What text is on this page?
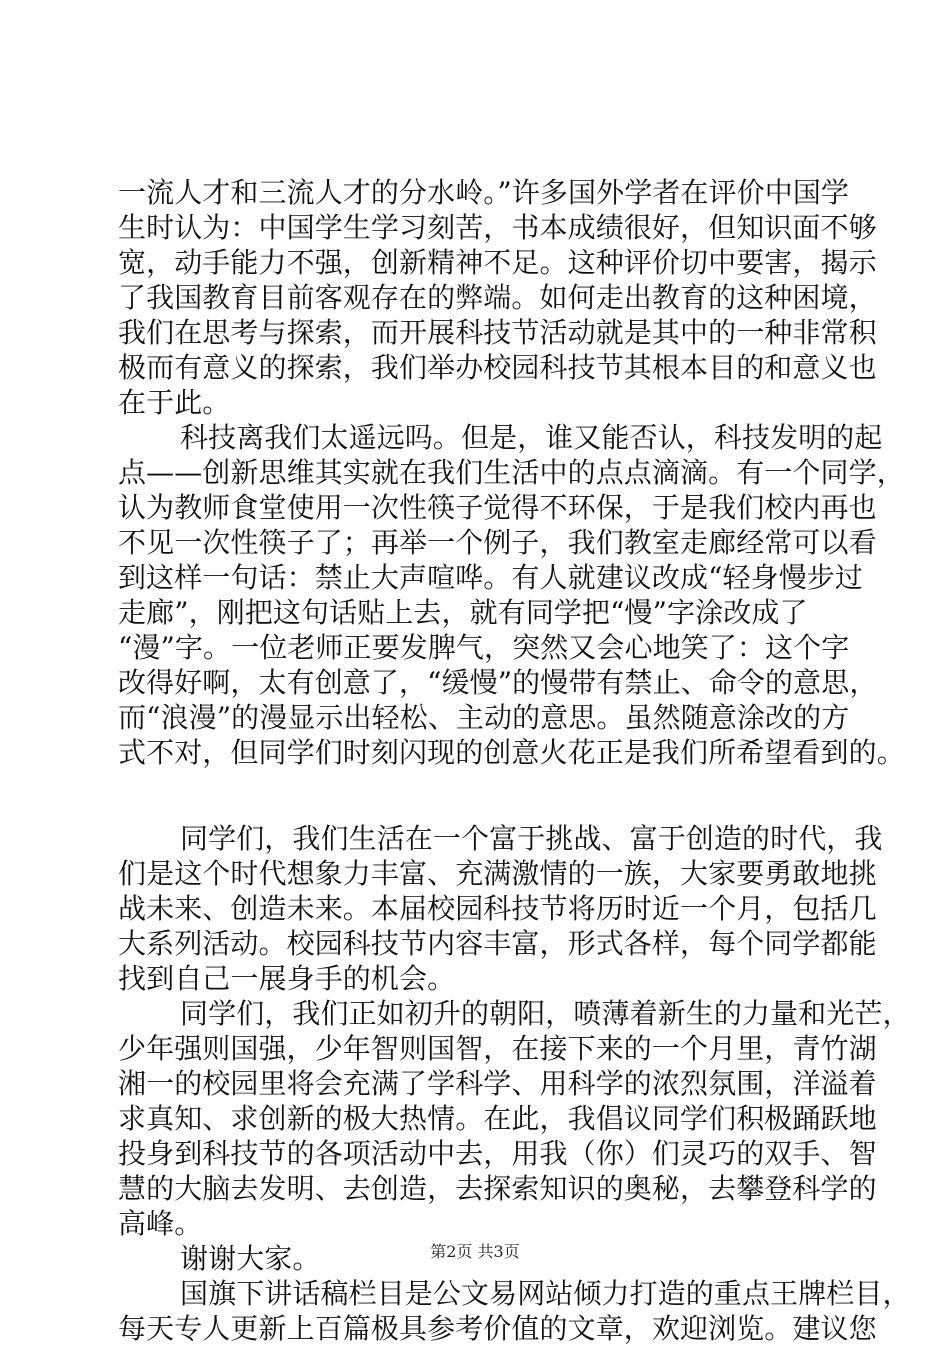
一流人才和三流人才的分水岭。”许多国外学者在评价中国学
生时认为：中国学生学习刻苦，书本成绩很好，但知识面不够
宽，动手能力不强，创新精神不足。这种评价切中要害，揭示
了我国教育目前客观存在的弊端。如何走出教育的这种困境，
我们在思考与探索，而开展科技节活动就是其中的一种非常积
极而有意义的探索，我们举办校园科技节其根本目的和意义也
在于此。
科技离我们太遥远吗。但是，谁又能否认，科技发明的起
点——创新思维其实就在我们生活中的点点滴滴。有一个同学，
认为教师食堂使用一次性筷子觉得不环保，于是我们校内再也
不见一次性筷子了；再举一个例子，我们教室走廊经常可以看
到这样一句话：禁止大声喧哗。有人就建议改成“轻身慢步过
走廊”，刚把这句话贴上去，就有同学把“慢”字涂改成了
“漫”字。一位老师正要发脾气，突然又会心地笑了：这个字
改得好啊，太有创意了，“缓慢”的慢带有禁止、命令的意思，
而“浪漫”的漫显示出轻松、主动的意思。虽然随意涂改的方
式不对，但同学们时刻闪现的创意火花正是我们所希望看到的。
同学们，我们生活在一个富于挑战、富于创造的时代，我
们是这个时代想象力丰富、充满激情的一族，大家要勇敢地挑
战未来、创造未来。本届校园科技节将历时近一个月，包括几
大系列活动。校园科技节内容丰富，形式各样，每个同学都能
找到自己一展身手的机会。
同学们，我们正如初升的朝阳，喷薄着新生的力量和光芒，
少年强则国强，少年智则国智，在接下来的一个月里，青竹湖
湘一的校园里将会充满了学科学、用科学的浓烈氛围，洋溢着
求真知、求创新的极大热情。在此，我倡议同学们积极踊跃地
投身到科技节的各项活动中去，用我（你）们灵巧的双手、智
慧的大脑去发明、去创造，去探索知识的奥秘，去攀登科学的
高峰。
谢谢大家。
国旗下讲话稿栏目是公文易网站倾力打造的重点王牌栏目，
每天专人更新上百篇极具参考价值的文章，欢迎浏览。建议您
第2页 共3页
